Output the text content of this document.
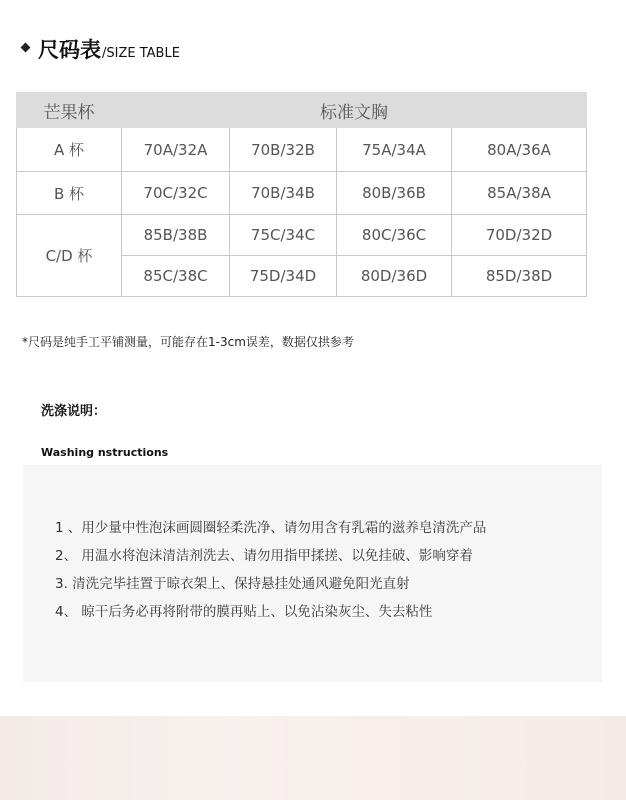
尺码表 /SIZE TABLE
芒果杯	标准文胸			
A 杯	70A/32A	70B/32B	75A/34A	80A/36A
B 杯	70C/32C	70B/34B	80B/36B	85A/38A
C/D 杯	85B/38B	75C/34C	80C/36C	70D/32D
	85C/38C	75D/34D	80D/36D	85D/38D
*尺码是纯手工平铺测量，可能存在1-3cm误差，数据仅拱参考
洗涤说明：
Washing nstructions
1 、用少量中性泡沫画圆圈轻柔洗净、请勿用含有乳霜的滋养皂清洗产品
2、 用温水将泡沫清洁剂洗去、请勿用指甲揉搓、以免挂破、影响穿着
3. 清洗完毕挂置于晾衣架上、保持悬挂处通风避免阳光直射
4、 晾干后务必再将附带的膜再贴上、以免沾染灰尘、失去粘性
